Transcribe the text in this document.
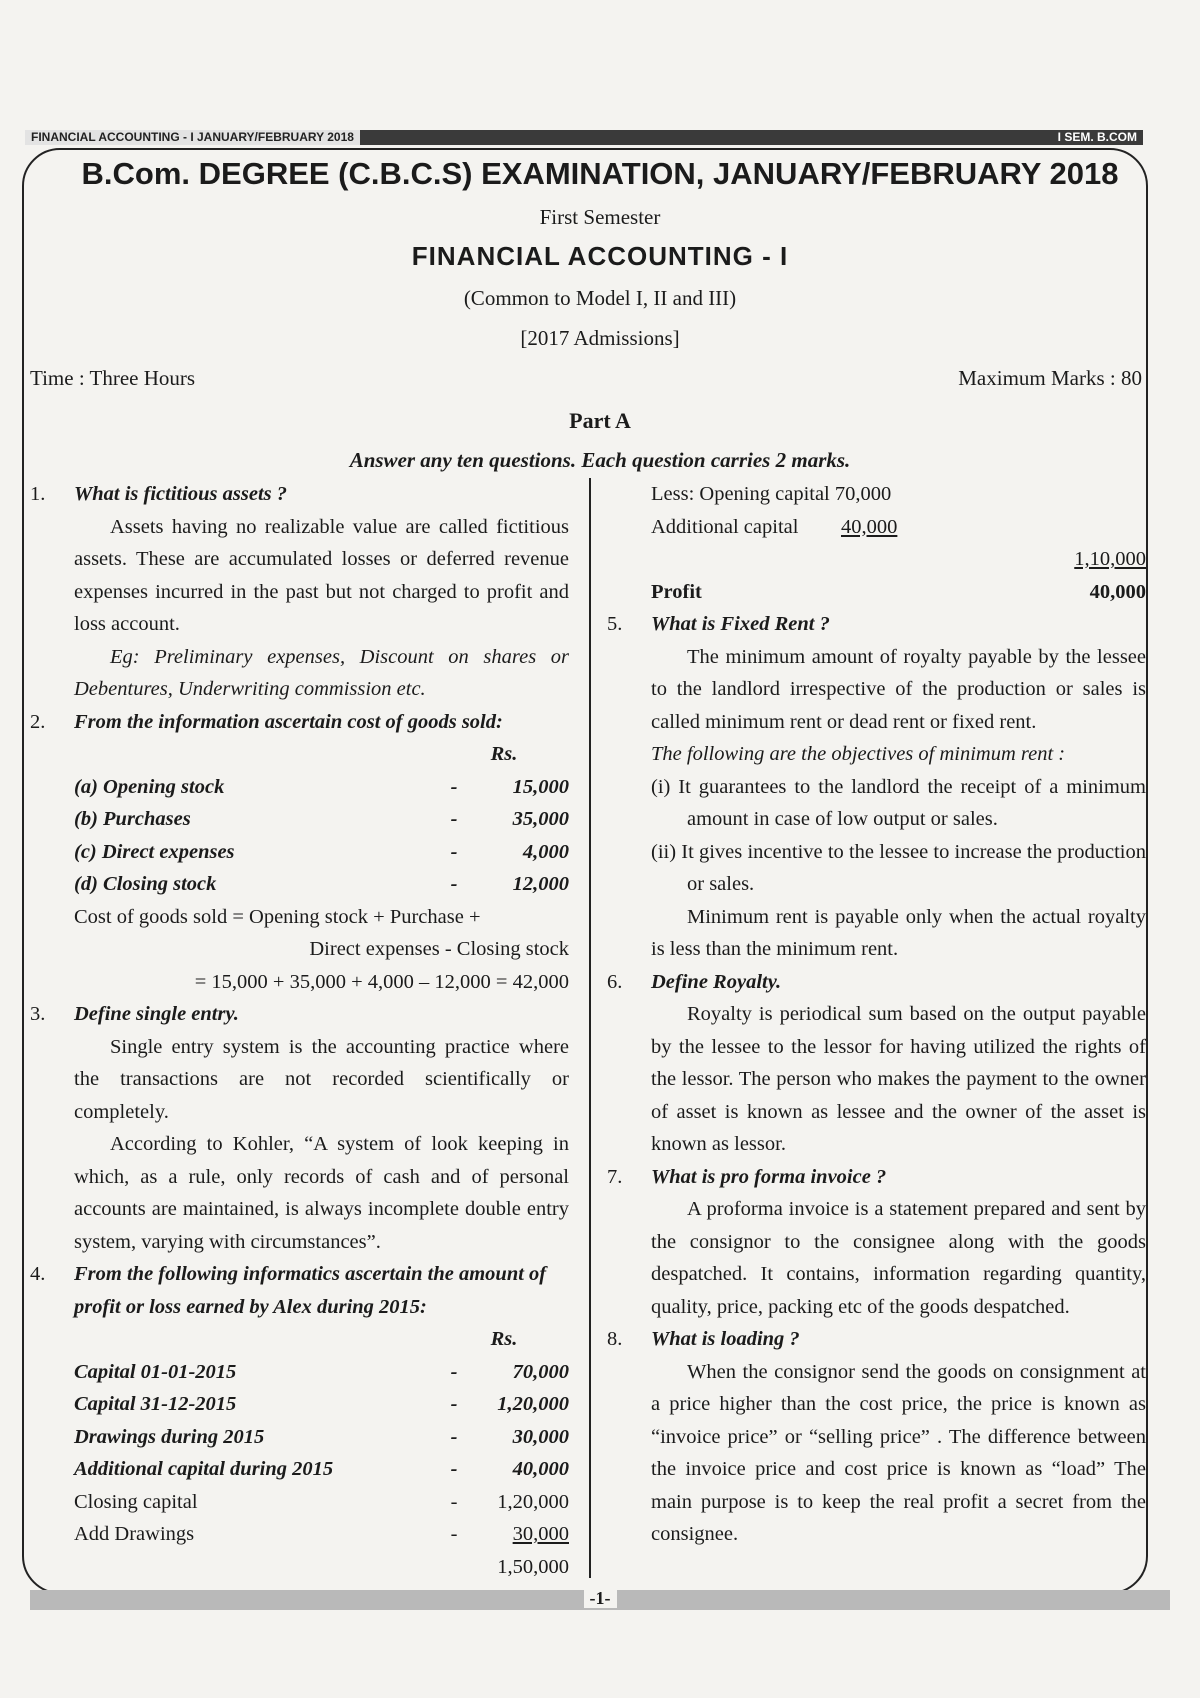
FINANCIAL ACCOUNTING - I JANUARY/FEBRUARY 2018	I SEM. B.COM
B.Com. DEGREE (C.B.C.S) EXAMINATION, JANUARY/FEBRUARY 2018
First Semester
FINANCIAL ACCOUNTING - I
(Common to Model I, II and III)
[2017 Admissions]
Time : Three Hours	Maximum Marks : 80
Part A
Answer any ten questions. Each question carries 2 marks.
1. What is fictitious assets ?

Assets having no realizable value are called fictitious assets. These are accumulated losses or deferred revenue expenses incurred in the past but not charged to profit and loss account.

Eg: Preliminary expenses, Discount on shares or Debentures, Underwriting commission etc.

2. From the information ascertain cost of goods sold:
Rs.
(a) Opening stock	-	15,000
(b) Purchases	-	35,000
(c) Direct expenses	-	4,000
(d) Closing stock	-	12,000
Cost of goods sold = Opening stock + Purchase +
Direct expenses - Closing stock
= 15,000 + 35,000 + 4,000 – 12,000 = 42,000
3. Define single entry.

Single entry system is the accounting practice where the transactions are not recorded scientifically or completely.

According to Kohler, “A system of look keeping in which, as a rule, only records of cash and of personal accounts are maintained, is always incomplete double entry system, varying with circumstances”.

4. From the following informatics ascertain the amount of profit or loss earned by Alex during 2015:
Rs.
Capital 01-01-2015	-	70,000
Capital 31-12-2015	-	1,20,000
Drawings during 2015	-	30,000
Additional capital during 2015	-	40,000
Closing capital	-	1,20,000
Add Drawings	-	30,000
1,50,000
Less: Opening capital 70,000
Additional capital	40,000
1,10,000
Profit	40,000
5. What is Fixed Rent ?

The minimum amount of royalty payable by the lessee to the landlord irrespective of the production or sales is called minimum rent or dead rent or fixed rent.

The following are the objectives of minimum rent :

(i) It guarantees to the landlord the receipt of a minimum amount in case of low output or sales.

(ii) It gives incentive to the lessee to increase the production or sales.

Minimum rent is payable only when the actual royalty is less than the minimum rent.

6. Define Royalty.

Royalty is periodical sum based on the output payable by the lessee to the lessor for having utilized the rights of the lessor. The person who makes the payment to the owner of asset is known as lessee and the owner of the asset is known as lessor.

7. What is pro forma invoice ?

A proforma invoice is a statement prepared and sent by the consignor to the consignee along with the goods despatched. It contains, information regarding quantity, quality, price, packing etc of the goods despatched.

8. What is loading ?

When the consignor send the goods on consignment at a price higher than the cost price, the price is known as “invoice price” or “selling price” . The difference between the invoice price and cost price is known as “load” The main purpose is to keep the real profit a secret from the consignee.

-1-
